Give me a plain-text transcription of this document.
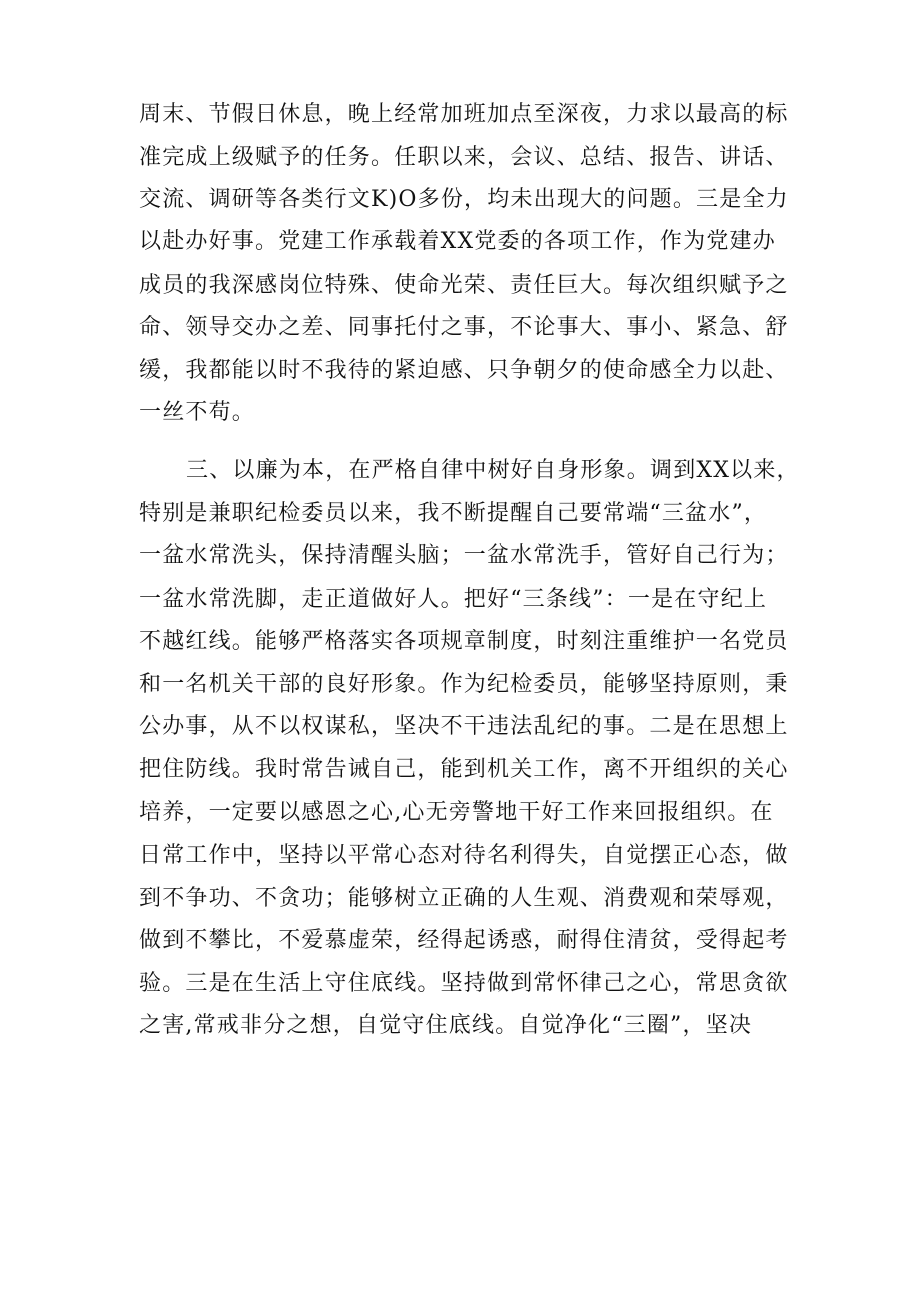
周末、节假日休息，晚上经常加班加点至深夜，力求以最高的标
准完成上级赋予的任务。任职以来，会议、总结、报告、讲话、
交流、调研等各类行文K)O多份，均未出现大的问题。三是全力
以赴办好事。党建工作承载着XX党委的各项工作，作为党建办
成员的我深感岗位特殊、使命光荣、责任巨大。每次组织赋予之
命、领导交办之差、同事托付之事，不论事大、事小、紧急、舒
缓，我都能以时不我待的紧迫感、只争朝夕的使命感全力以赴、
一丝不苟。
三、以廉为本，在严格自律中树好自身形象。调到XX以来，
特别是兼职纪检委员以来，我不断提醒自己要常端“三盆水”，
一盆水常洗头，保持清醒头脑；一盆水常洗手，管好自己行为；
一盆水常洗脚，走正道做好人。把好“三条线”：一是在守纪上
不越红线。能够严格落实各项规章制度，时刻注重维护一名党员
和一名机关干部的良好形象。作为纪检委员，能够坚持原则，秉
公办事，从不以权谋私，坚决不干违法乱纪的事。二是在思想上
把住防线。我时常告诫自己，能到机关工作，离不开组织的关心
培养，一定要以感恩之心,心无旁警地干好工作来回报组织。在
日常工作中，坚持以平常心态对待名利得失，自觉摆正心态，做
到不争功、不贪功；能够树立正确的人生观、消费观和荣辱观，
做到不攀比，不爱慕虚荣，经得起诱惑，耐得住清贫，受得起考
验。三是在生活上守住底线。坚持做到常怀律己之心，常思贪欲
之害,常戒非分之想，自觉守住底线。自觉净化“三圈”，坚决
